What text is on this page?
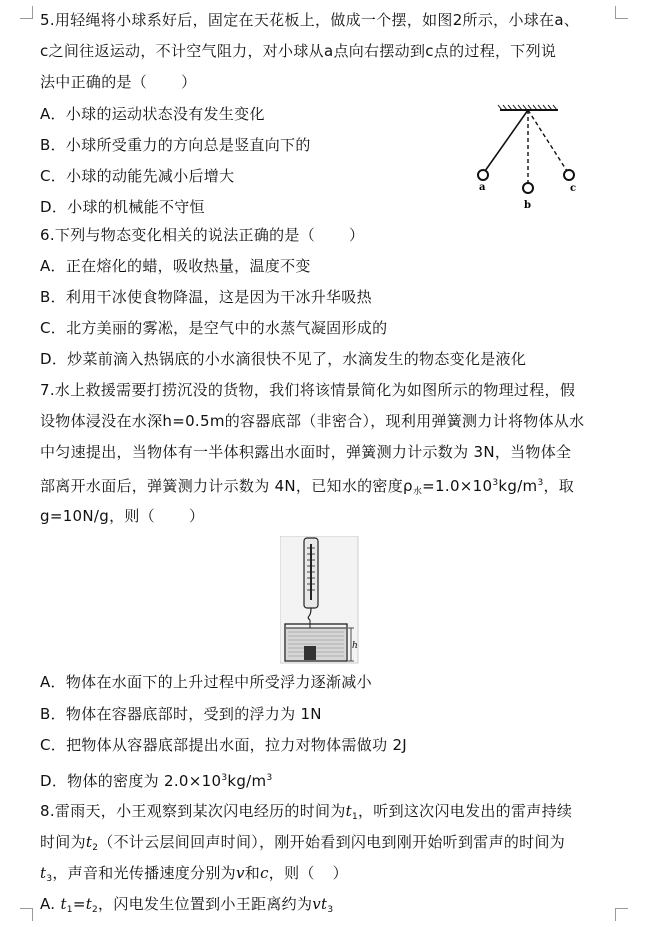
5.用轻绳将小球系好后，固定在天花板上，做成一个摆，如图2所示，小球在a、
c之间往返运动，不计空气阻力，对小球从a点向右摆动到c点的过程，下列说
法中正确的是（ ）
A．小球的运动状态没有发生变化
B．小球所受重力的方向总是竖直向下的
C．小球的动能先减小后增大
D．小球的机械能不守恒
a
b
c
6.下列与物态变化相关的说法正确的是（ ）
A．正在熔化的蜡，吸收热量，温度不变
B．利用干冰使食物降温，这是因为干冰升华吸热
C．北方美丽的雾凇，是空气中的水蒸气凝固形成的
D．炒菜前滴入热锅底的小水滴很快不见了，水滴发生的物态变化是液化
7.水上救援需要打捞沉没的货物，我们将该情景简化为如图所示的物理过程，假
设物体浸没在水深h=0.5m的容器底部（非密合），现利用弹簧测力计将物体从水
中匀速提出，当物体有一半体积露出水面时，弹簧测力计示数为 3N，当物体全
部离开水面后，弹簧测力计示数为 4N，已知水的密度$\rho_水=1.0\times 10^3kg/m^3$，取
g=10N/g，则（ ）
h
A．物体在水面下的上升过程中所受浮力逐渐减小
B．物体在容器底部时，受到的浮力为 1N
C．把物体从容器底部提出水面，拉力对物体需做功 2J
D．物体的密度为 $2.0\times 10^3kg/m^3$
8.雷雨天，小王观察到某次闪电经历的时间为$t_1$，听到这次闪电发出的雷声持续
时间为$t_2$（不计云层间回声时间），刚开始看到闪电到刚开始听到雷声的时间为
$t_3$，声音和光传播速度分别为v和c，则（ ）
A. $t_1=t_2$，闪电发生位置到小王距离约为$vt_3$
